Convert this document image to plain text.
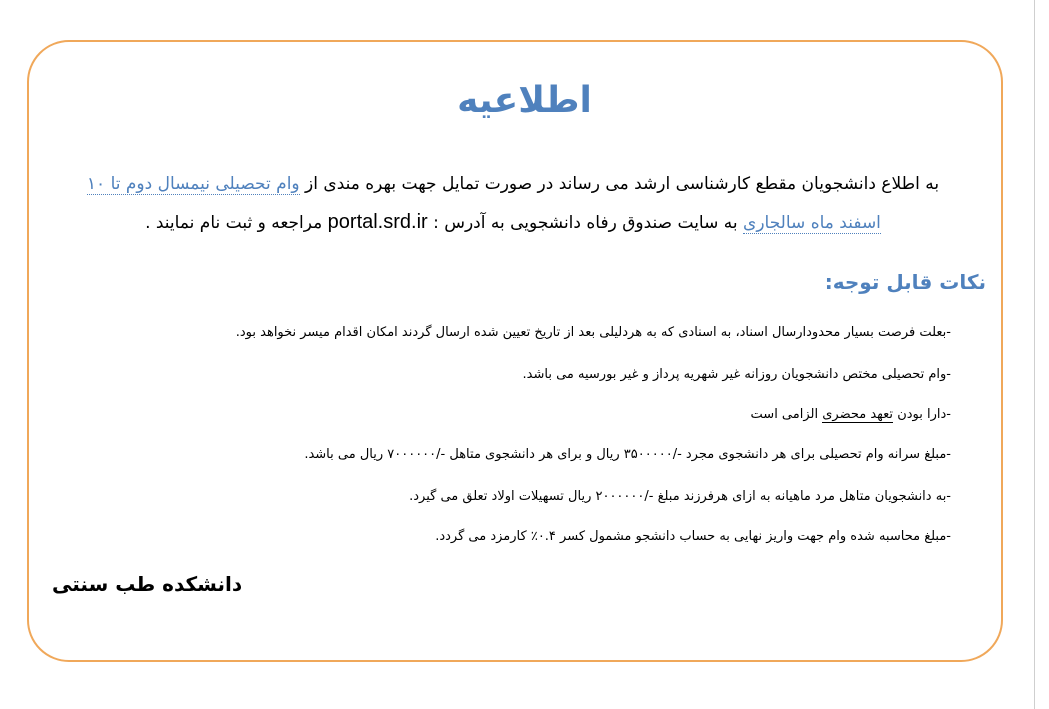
اطلاعیه
به اطلاع دانشجویان مقطع کارشناسی ارشد می رساند در صورت تمایل جهت بهره مندی از وام تحصیلی نیمسال دوم تا ۱۰
اسفند ماه سالجاری به سایت صندوق رفاه دانشجویی به آدرس : portal.srd.ir مراجعه و ثبت نام نمایند .
نکات قابل توجه:
-بعلت فرصت بسیار محدودارسال اسناد، به اسنادی که به هردلیلی بعد از تاریخ تعیین شده ارسال گردند امکان اقدام میسر نخواهد بود.
-وام تحصیلی مختص دانشجویان روزانه غیر شهریه پرداز و غیر بورسیه می باشد.
-دارا بودن تعهد محضری الزامی است
-مبلغ سرانه وام تحصیلی برای هر دانشجوی مجرد -/۳۵۰۰۰۰۰ ریال و برای هر دانشجوی متاهل -/۷۰۰۰۰۰۰ ریال می باشد.
-به دانشجویان متاهل مرد ماهیانه به ازای هرفرزند مبلغ -/۲۰۰۰۰۰۰ ریال تسهیلات اولاد تعلق می گیرد.
-مبلغ محاسبه شده وام جهت واریز نهایی به حساب دانشجو مشمول کسر ۰.۴٪ کارمزد می گردد.
دانشکده طب سنتی
